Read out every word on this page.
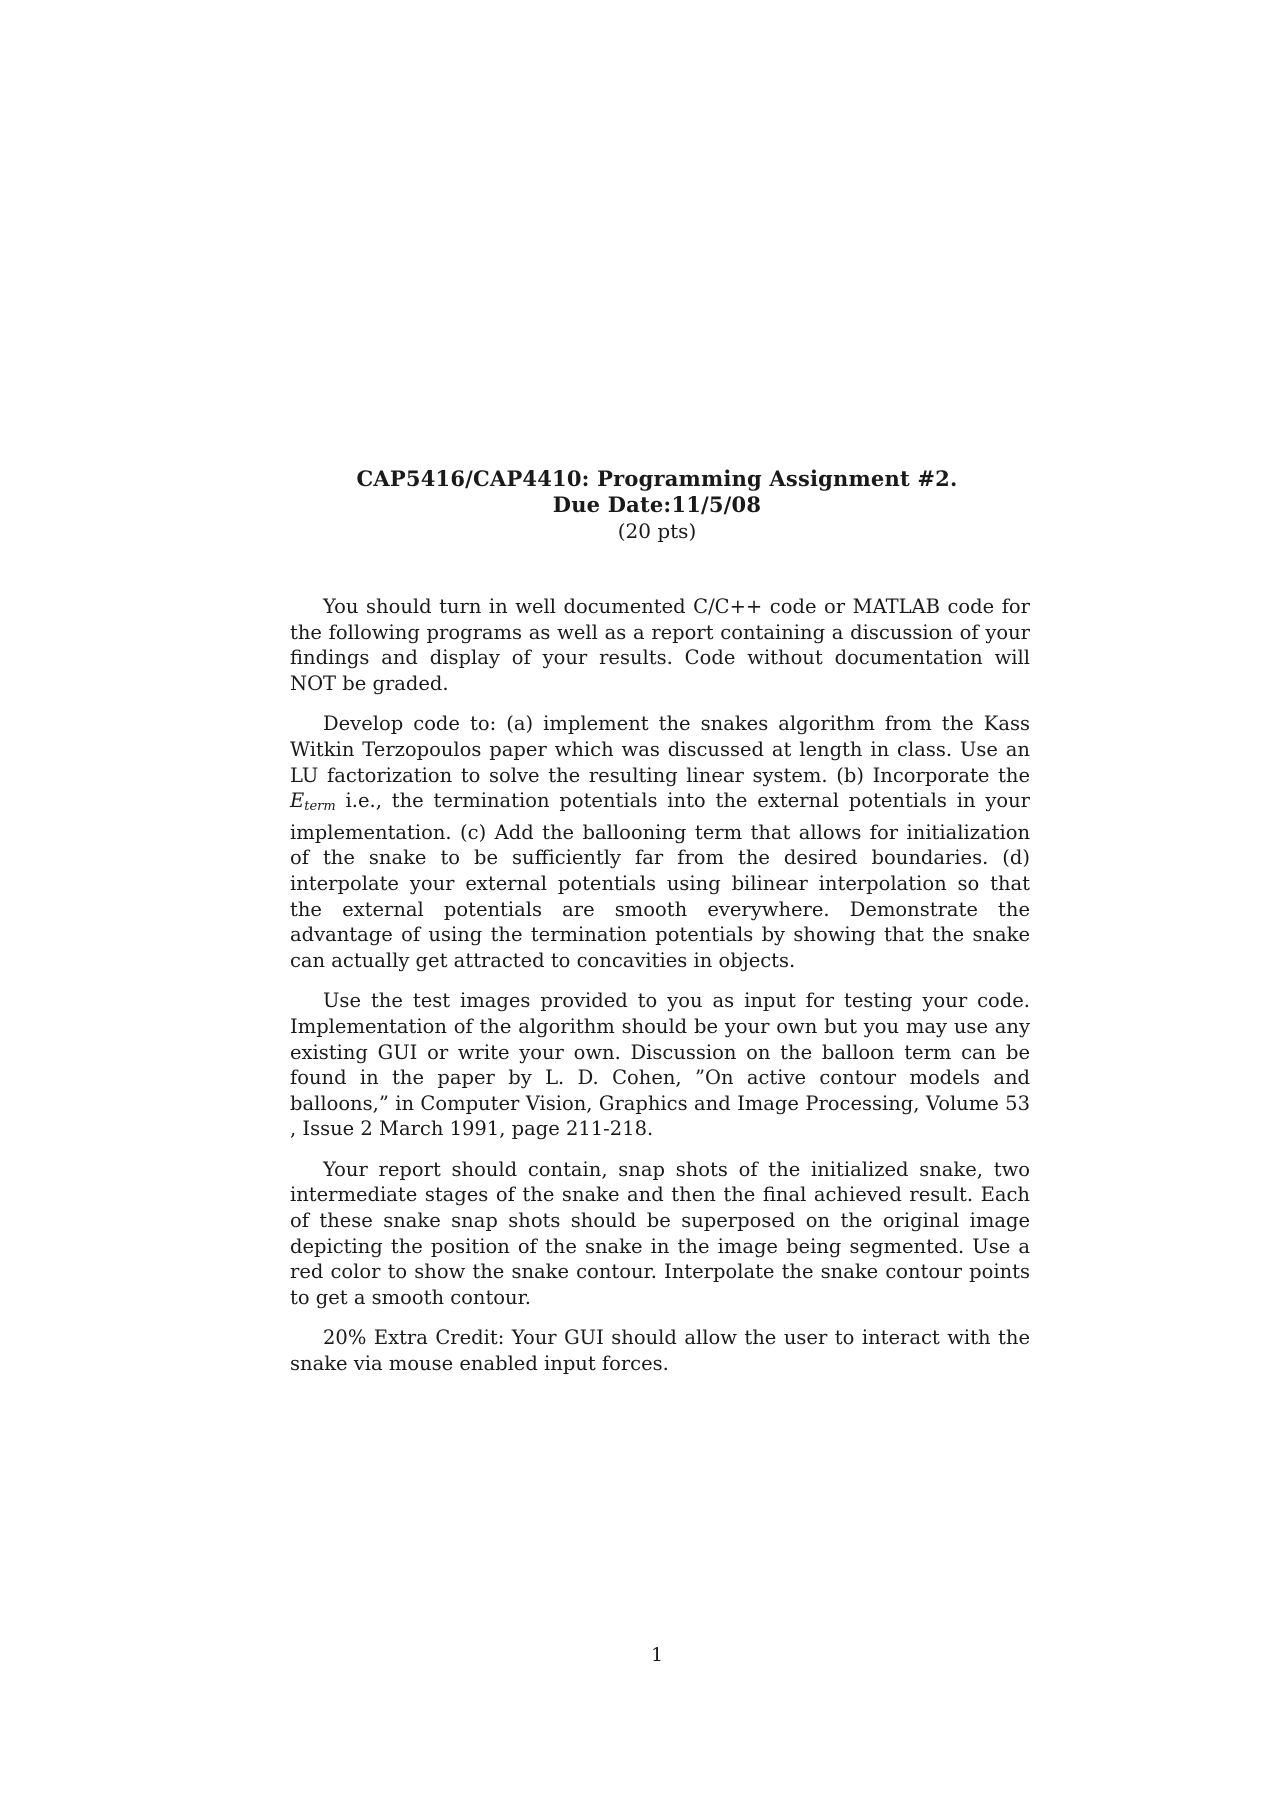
CAP5416/CAP4410: Programming Assignment #2.
Due Date:11/5/08
(20 pts)

You should turn in well documented C/C++ code or MATLAB code for the following programs as well as a report containing a discussion of your findings and display of your results. Code without documentation will NOT be graded.

Develop code to: (a) implement the snakes algorithm from the Kass Witkin Terzopoulos paper which was discussed at length in class. Use an LU factorization to solve the resulting linear system. (b) Incorporate the $E_{term}$ i.e., the termination potentials into the external potentials in your implementation. (c) Add the ballooning term that allows for initialization of the snake to be sufficiently far from the desired boundaries. (d) interpolate your external potentials using bilinear interpolation so that the external potentials are smooth everywhere. Demonstrate the advantage of using the termination potentials by showing that the snake can actually get attracted to concavities in objects.

Use the test images provided to you as input for testing your code. Implementation of the algorithm should be your own but you may use any existing GUI or write your own. Discussion on the balloon term can be found in the paper by L. D. Cohen, ”On active contour models and balloons,” in Computer Vision, Graphics and Image Processing, Volume 53 , Issue 2 March 1991, page 211-218.

Your report should contain, snap shots of the initialized snake, two intermediate stages of the snake and then the final achieved result. Each of these snake snap shots should be superposed on the original image depicting the position of the snake in the image being segmented. Use a red color to show the snake contour. Interpolate the snake contour points to get a smooth contour.

20% Extra Credit: Your GUI should allow the user to interact with the snake via mouse enabled input forces.

1
